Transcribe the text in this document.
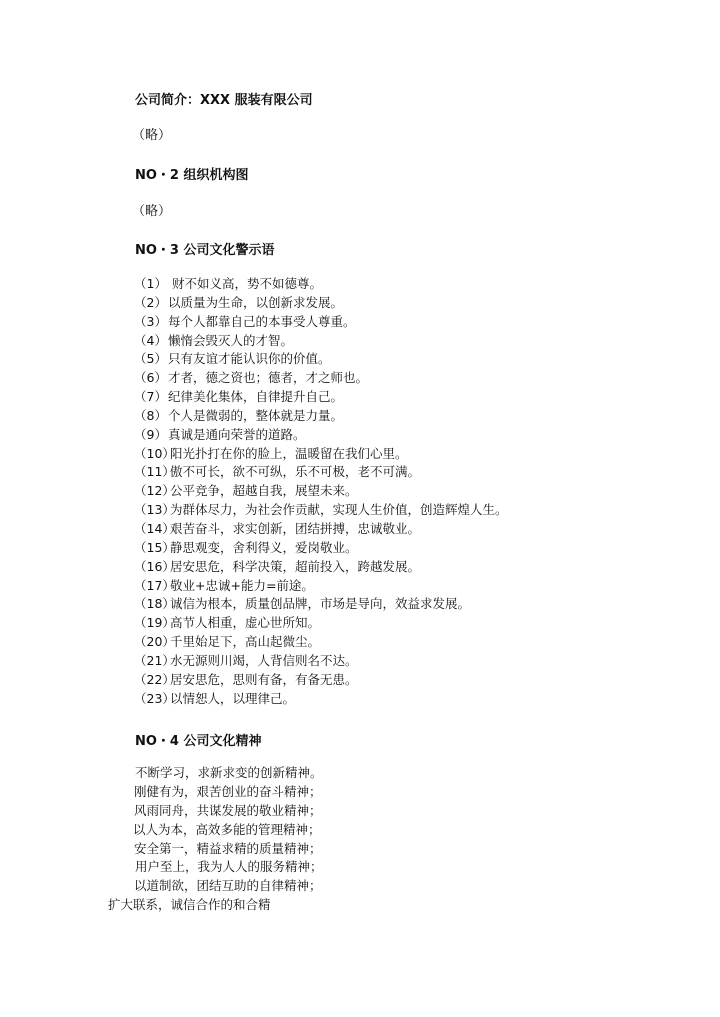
公司简介：XXX 服装有限公司
（略）
NO・2 组织机构图
（略）
NO・3 公司文化警示语
（1） 财不如义高，势不如德尊。
（2）以质量为生命，以创新求发展。
（3）每个人都靠自己的本事受人尊重。
（4）懒惰会毁灭人的才智。
（5）只有友谊才能认识你的价值。
（6）才者，德之资也；德者，才之师也。
（7）纪律美化集体，自律提升自己。
（8）个人是微弱的，整体就是力量。
（9）真诚是通向荣誉的道路。
（10）阳光扑打在你的脸上，温暖留在我们心里。
（11）傲不可长，欲不可纵，乐不可极，老不可满。
（12）公平竞争，超越自我，展望未来。
（13）为群体尽力，为社会作贡献，实现人生价值，创造辉煌人生。
（14）艰苦奋斗，求实创新，团结拼搏，忠诚敬业。
（15）静思观变，舍利得义，爱岗敬业。
（16）居安思危，科学决策，超前投入，跨越发展。
（17）敬业+忠诚+能力=前途。
（18）诚信为根本，质量创品牌，市场是导向，效益求发展。
（19）高节人相重，虚心世所知。
（20）千里始足下，高山起微尘。
（21）水无源则川竭，人背信则名不达。
（22）居安思危，思则有备，有备无患。
（23）以情恕人，以理律己。
NO・4 公司文化精神
不断学习，求新求变的创新精神。
刚健有为，艰苦创业的奋斗精神；
风雨同舟，共谋发展的敬业精神；
以人为本，高效多能的管理精神；
安全第一，精益求精的质量精神；
用户至上，我为人人的服务精神；
以道制欲，团结互助的自律精神；
扩大联系，诚信合作的和合精
